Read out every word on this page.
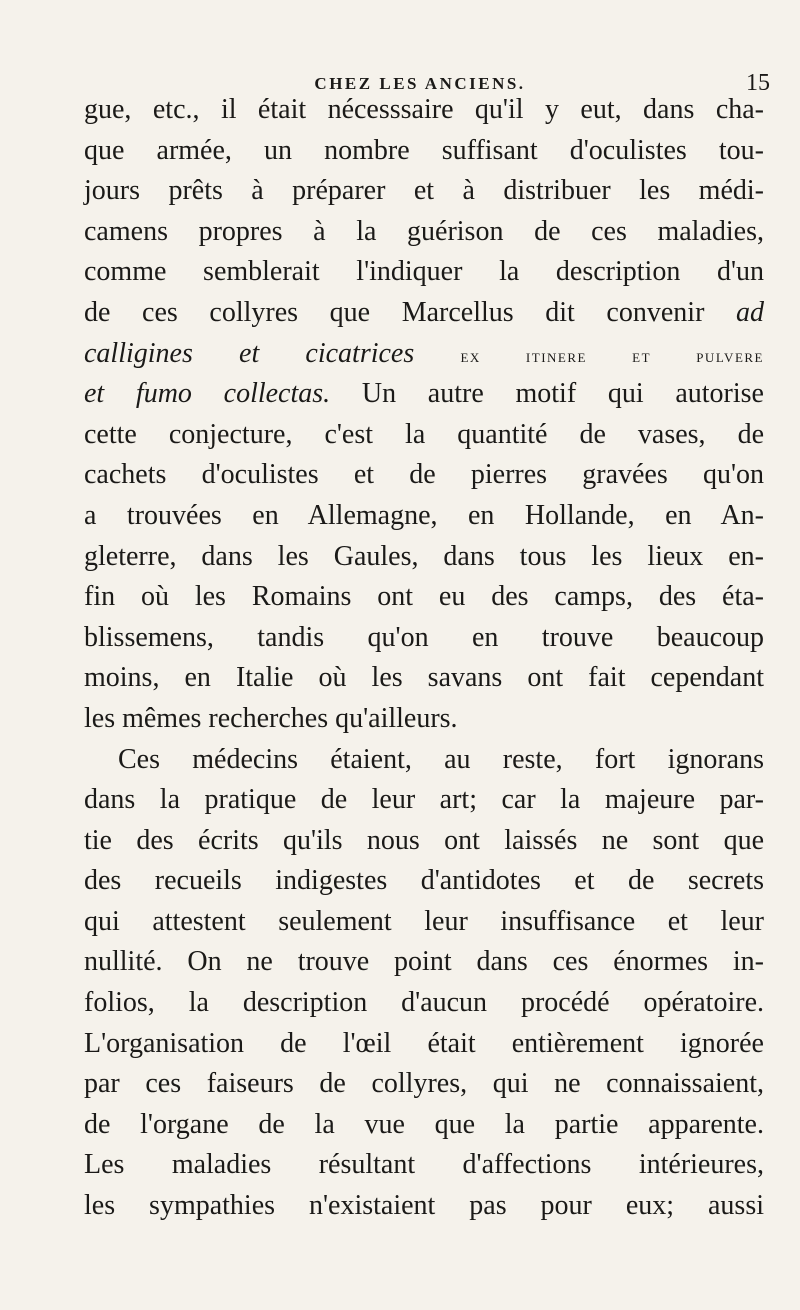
CHEZ LES ANCIENS.	15
gue, etc., il était nécesssaire qu'il y eut, dans cha-
que armée, un nombre suffisant d'oculistes tou-
jours prêts à préparer et à distribuer les médi-
camens propres à la guérison de ces maladies,
comme semblerait l'indiquer la description d'un
de ces collyres que Marcellus dit convenir ad
calligines et cicatrices	ex itinere et pulvere
et fumo collectas. Un autre motif qui autorise
cette conjecture, c'est la quantité de vases, de
cachets d'oculistes et de pierres gravées qu'on
a trouvées en Allemagne, en Hollande, en An-
gleterre, dans les Gaules, dans tous les lieux en-
fin où les Romains ont eu des camps, des éta-
blissemens, tandis qu'on en trouve beaucoup
moins, en Italie où les savans ont fait cependant
les mêmes recherches qu'ailleurs.
Ces médecins étaient, au reste, fort ignorans
dans la pratique de leur art; car la majeure par-
tie des écrits qu'ils nous ont laissés ne sont que
des recueils indigestes d'antidotes et de secrets
qui attestent seulement leur insuffisance et leur
nullité. On ne trouve point dans ces énormes in-
folios, la description d'aucun procédé opératoire.
L'organisation de l'œil était entièrement ignorée
par ces faiseurs de collyres, qui ne connaissaient,
de l'organe de la vue que la partie apparente.
Les maladies résultant d'affections intérieures,
les sympathies n'existaient pas pour eux; aussi
